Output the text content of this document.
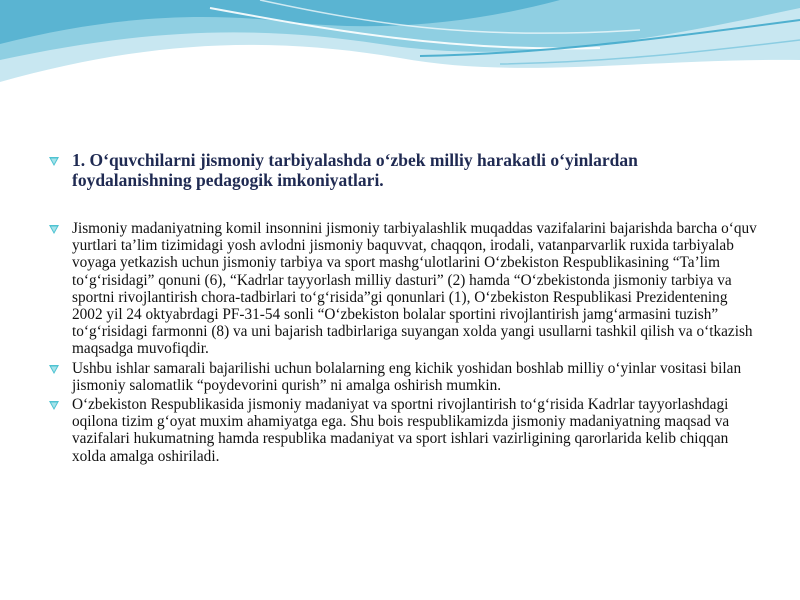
1. O‘quvchilarni jismoniy tarbiyalashda o‘zbek milliy harakatli o‘yinlardan foydalanishning pedagogik imkoniyatlari.
Jismoniy madaniyatning komil insonnini jismoniy tarbiyalashlik muqaddas vazifalarini bajarishda barcha o‘quv yurtlari ta’lim tizimidagi yosh avlodni jismoniy baquvvat, chaqqon, irodali, vatanparvarlik ruxida tarbiyalab voyaga yetkazish uchun jismoniy tarbiya va sport mashg‘ulotlarini O‘zbekiston Respublikasining “Ta’lim to‘g‘risidagi” qonuni (6), “Kadrlar tayyorlash milliy dasturi” (2) hamda “O‘zbekistonda jismoniy tarbiya va sportni rivojlantirish chora-tadbirlari to‘g‘risida”gi qonunlari (1), O‘zbekiston Respublikasi Prezidentening 2002 yil 24 oktyabrdagi PF-31-54 sonli “O‘zbekiston bolalar sportini rivojlantirish jamg‘armasini tuzish” to‘g‘risidagi farmonni (8) va uni bajarish tadbirlariga suyangan xolda yangi usullarni tashkil qilish va o‘tkazish maqsadga muvofiqdir.
Ushbu ishlar samarali bajarilishi uchun bolalarning eng kichik yoshidan boshlab milliy o‘yinlar vositasi bilan jismoniy salomatlik “poydevorini qurish” ni amalga oshirish mumkin.
O‘zbekiston Respublikasida jismoniy madaniyat va sportni rivojlantirish to‘g‘risida Kadrlar tayyorlashdagi oqilona tizim g‘oyat muxim ahamiyatga ega. Shu bois respublikamizda jismoniy madaniyatning maqsad va vazifalari hukumatning hamda respublika madaniyat va sport ishlari vazirligining qarorlarida kelib chiqqan xolda amalga oshiriladi.
